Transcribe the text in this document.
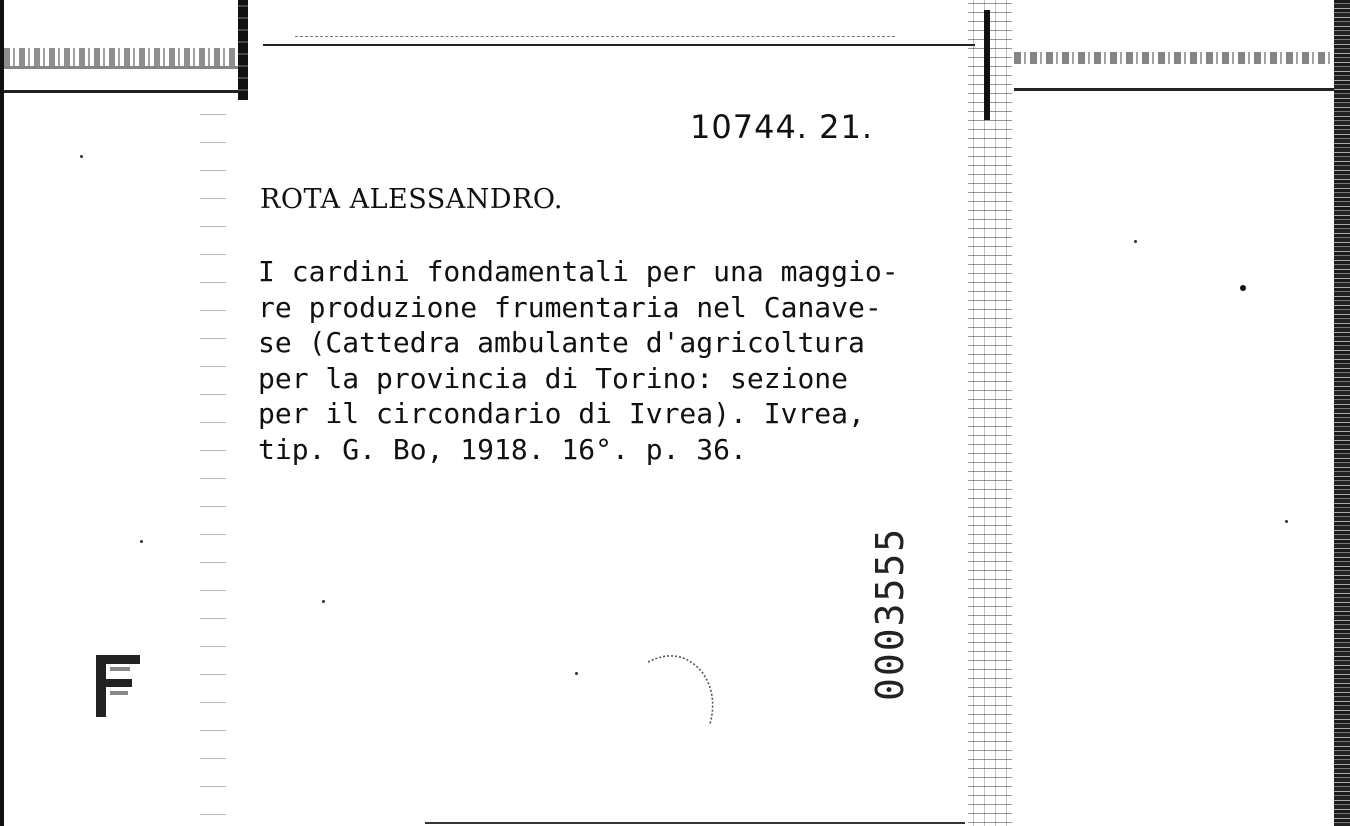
10744. 21.
ROTA ALESSANDRO.
I cardini fondamentali per una maggio-
re produzione frumentaria nel Canave-
se (Cattedra ambulante d'agricoltura
per la provincia di Torino: sezione
per il circondario di Ivrea). Ivrea,
tip. G. Bo, 1918. 16°. p. 36.
0003555
